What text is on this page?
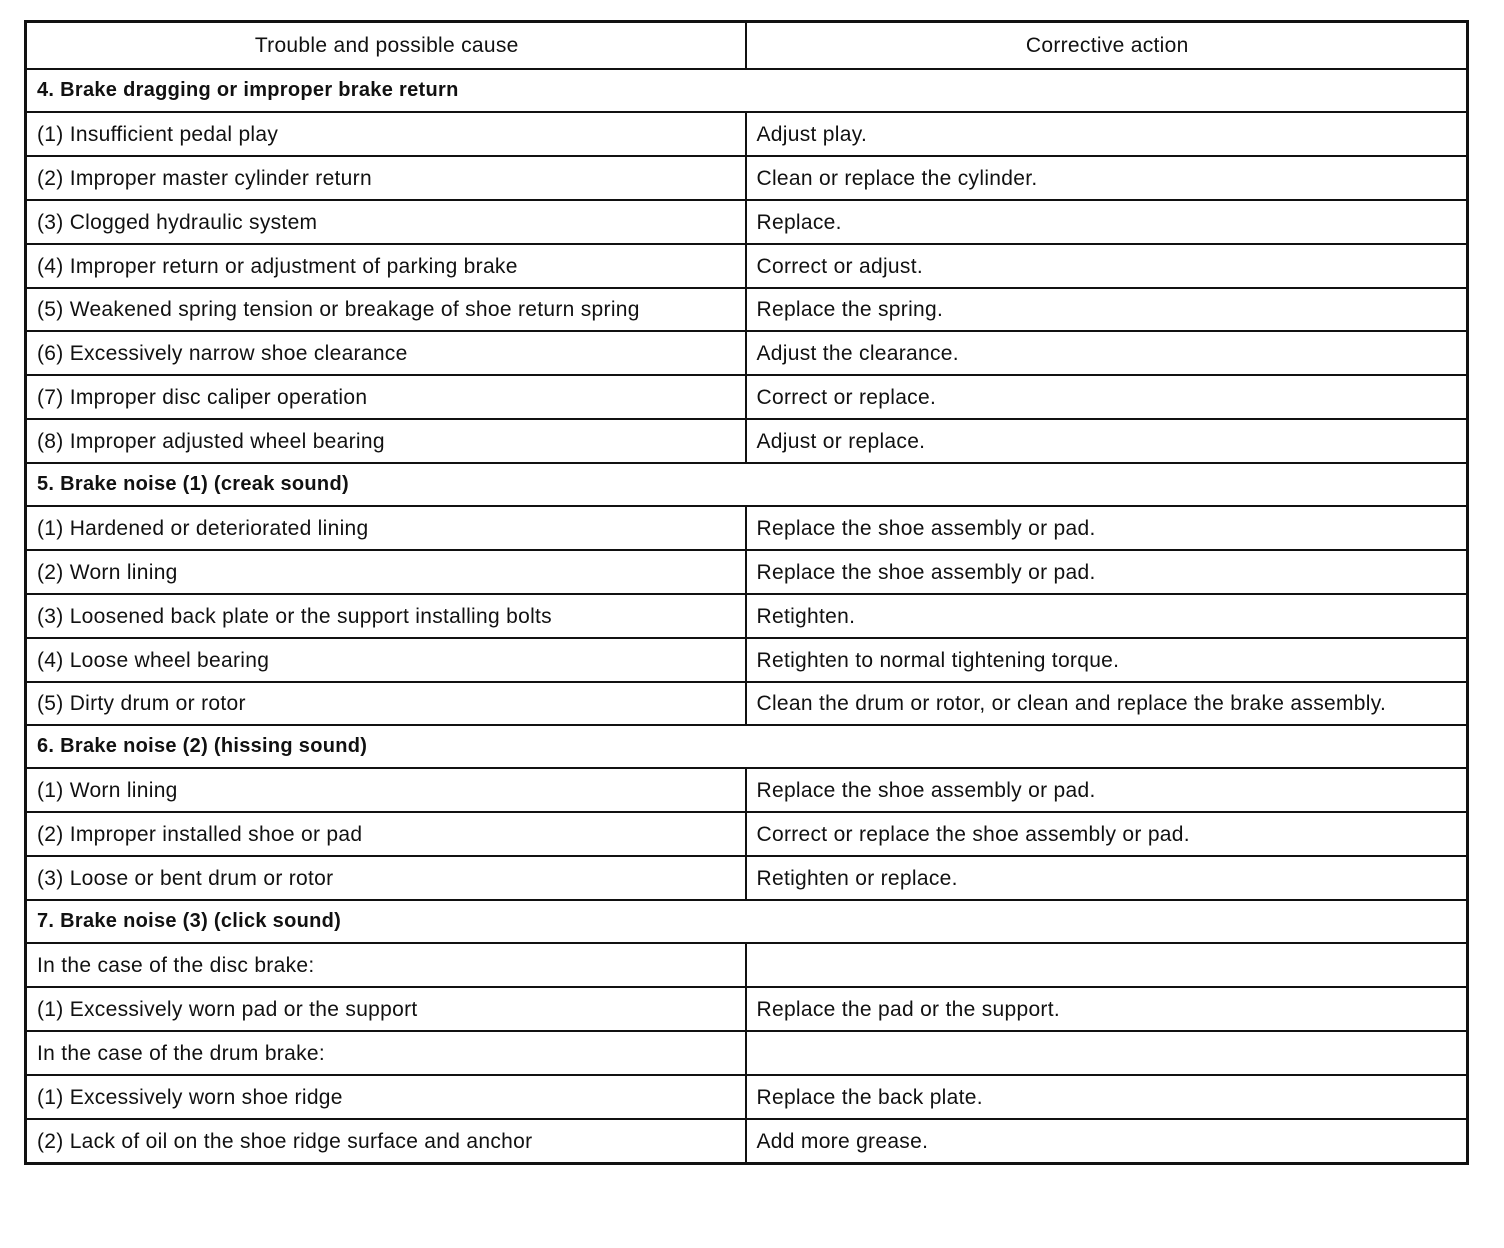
Trouble and possible cause	Corrective action
4. Brake dragging or improper brake return	
(1) Insufficient pedal play	Adjust play.
(2) Improper master cylinder return	Clean or replace the cylinder.
(3) Clogged hydraulic system	Replace.
(4) Improper return or adjustment of parking brake	Correct or adjust.
(5) Weakened spring tension or breakage of shoe return spring	Replace the spring.
(6) Excessively narrow shoe clearance	Adjust the clearance.
(7) Improper disc caliper operation	Correct or replace.
(8) Improper adjusted wheel bearing	Adjust or replace.
5. Brake noise (1) (creak sound)	
(1) Hardened or deteriorated lining	Replace the shoe assembly or pad.
(2) Worn lining	Replace the shoe assembly or pad.
(3) Loosened back plate or the support installing bolts	Retighten.
(4) Loose wheel bearing	Retighten to normal tightening torque.
(5) Dirty drum or rotor	Clean the drum or rotor, or clean and replace the brake assembly.
6. Brake noise (2) (hissing sound)	
(1) Worn lining	Replace the shoe assembly or pad.
(2) Improper installed shoe or pad	Correct or replace the shoe assembly or pad.
(3) Loose or bent drum or rotor	Retighten or replace.
7. Brake noise (3) (click sound)	
In the case of the disc brake:	
(1) Excessively worn pad or the support	Replace the pad or the support.
In the case of the drum brake:	
(1) Excessively worn shoe ridge	Replace the back plate.
(2) Lack of oil on the shoe ridge surface and anchor	Add more grease.
